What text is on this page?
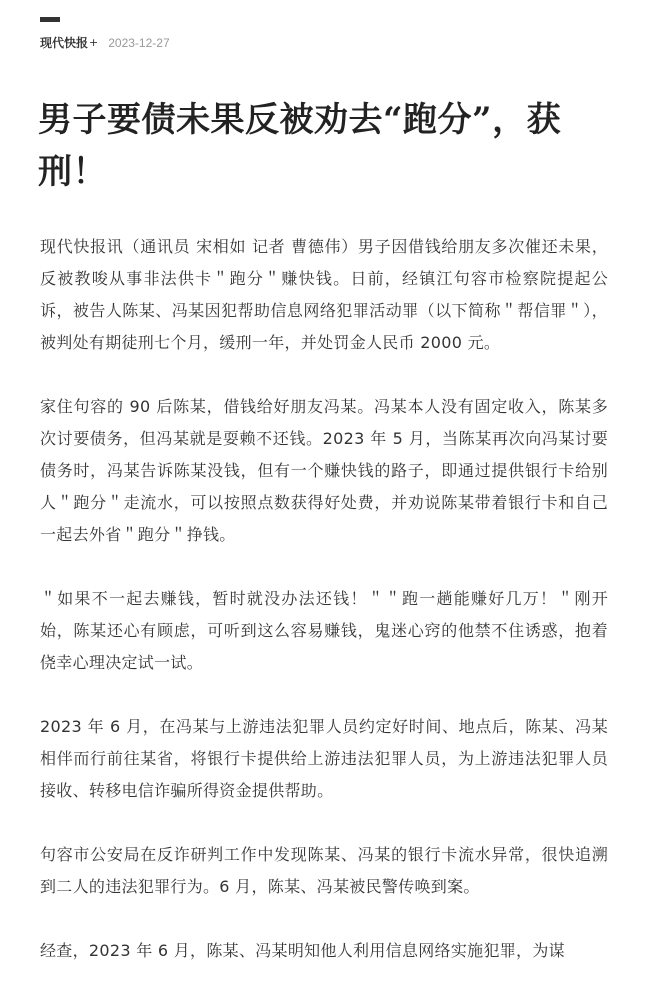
现代快报 + 2023-12-27
男子要债未果反被劝去“跑分”，获刑！

现代快报讯（通讯员 宋相如 记者 曹德伟）男子因借钱给朋友多次催还未果，反被教唆从事非法供卡＂跑分＂赚快钱。日前，经镇江句容市检察院提起公诉，被告人陈某、冯某因犯帮助信息网络犯罪活动罪（以下简称＂帮信罪＂），被判处有期徒刑七个月，缓刑一年，并处罚金人民币 2000 元。

家住句容的 90 后陈某，借钱给好朋友冯某。冯某本人没有固定收入，陈某多次讨要债务，但冯某就是耍赖不还钱。2023 年 5 月，当陈某再次向冯某讨要债务时，冯某告诉陈某没钱，但有一个赚快钱的路子，即通过提供银行卡给别人＂跑分＂走流水，可以按照点数获得好处费，并劝说陈某带着银行卡和自己一起去外省＂跑分＂挣钱。

＂如果不一起去赚钱，暂时就没办法还钱！＂＂跑一趟能赚好几万！＂刚开始，陈某还心有顾虑，可听到这么容易赚钱，鬼迷心窍的他禁不住诱惑，抱着侥幸心理决定试一试。

2023 年 6 月，在冯某与上游违法犯罪人员约定好时间、地点后，陈某、冯某相伴而行前往某省，将银行卡提供给上游违法犯罪人员，为上游违法犯罪人员接收、转移电信诈骗所得资金提供帮助。

句容市公安局在反诈研判工作中发现陈某、冯某的银行卡流水异常，很快追溯到二人的违法犯罪行为。6 月，陈某、冯某被民警传唤到案。

经查，2023 年 6 月，陈某、冯某明知他人利用信息网络实施犯罪，为谋
